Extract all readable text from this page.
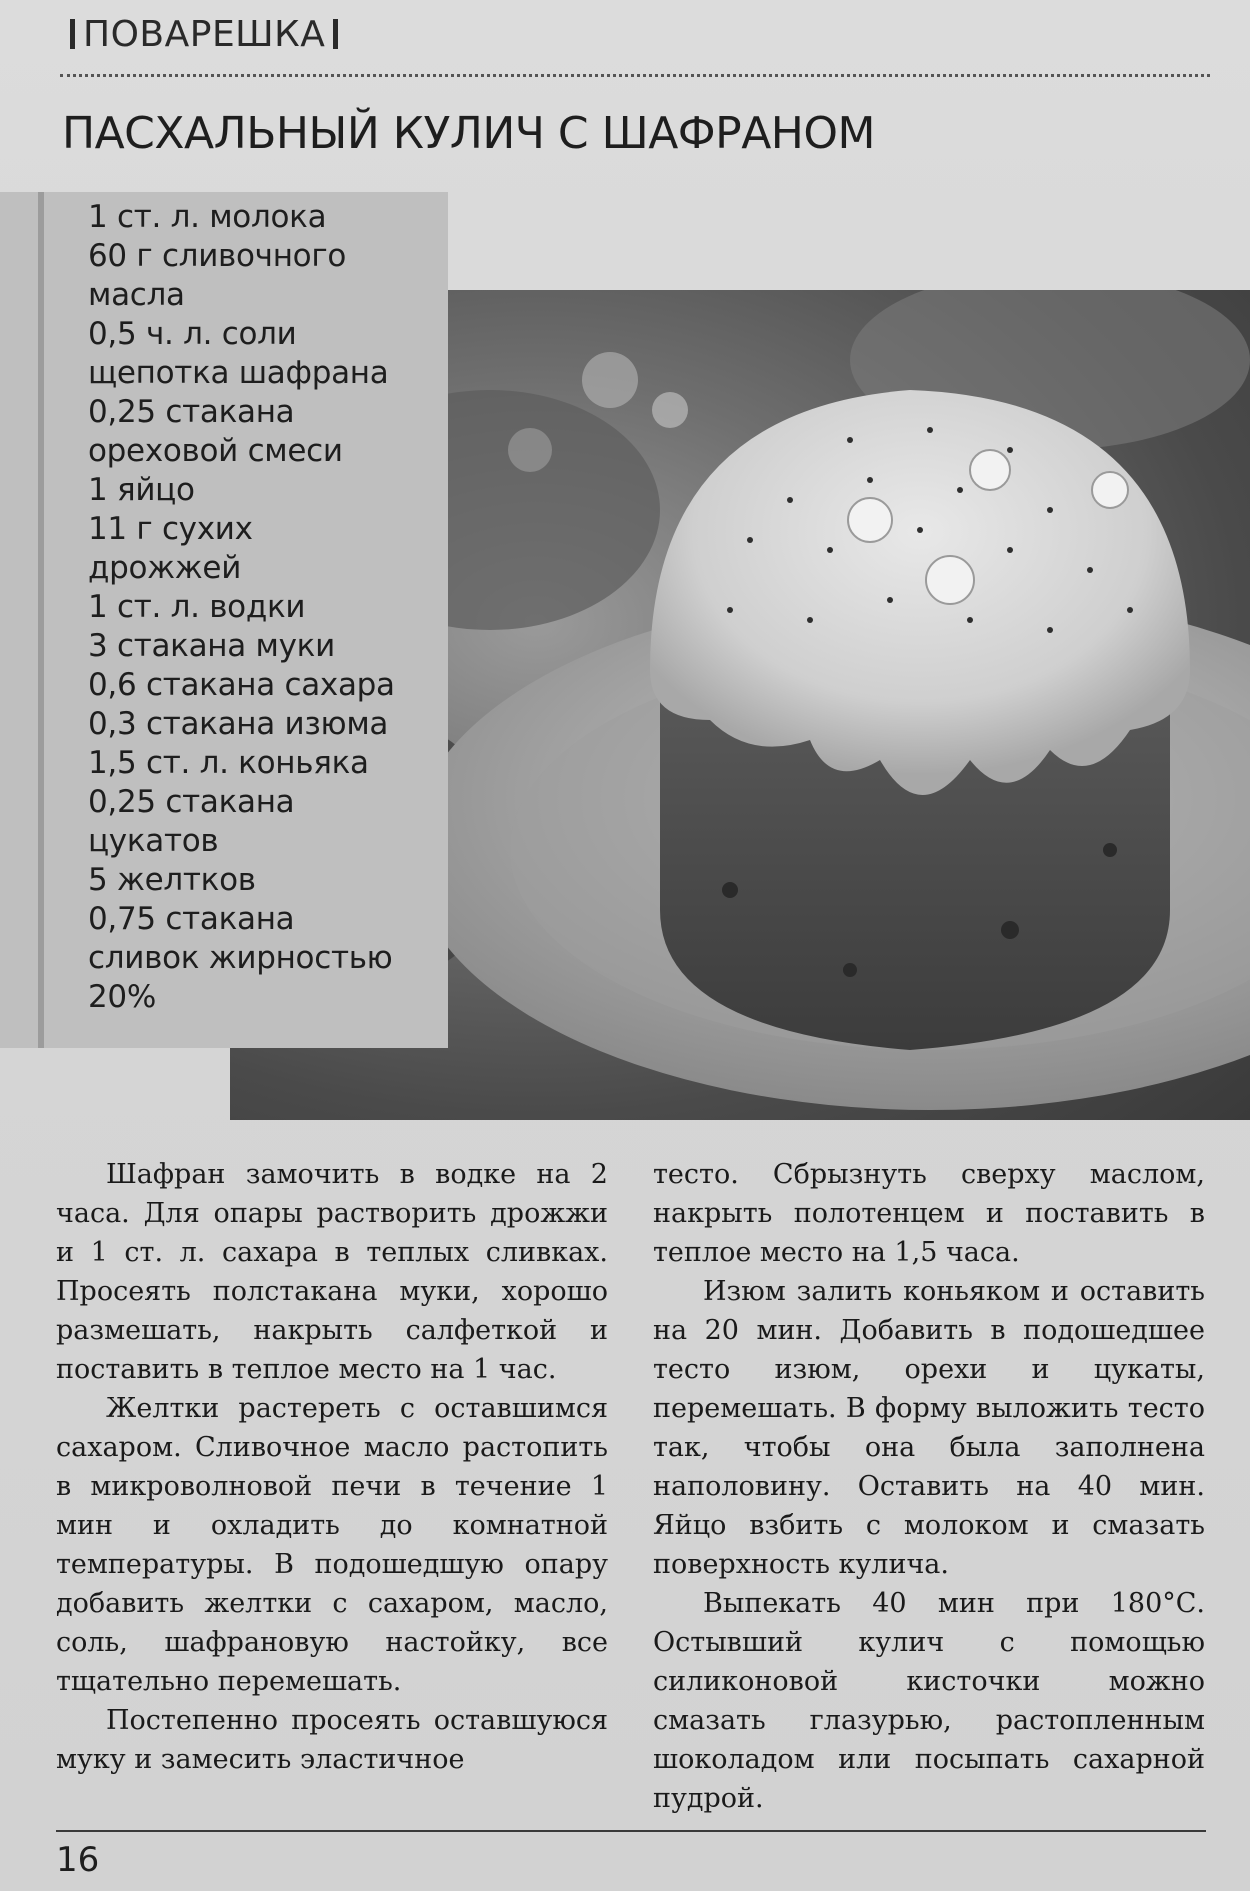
ПОВАРЕШКА
ПАСХАЛЬНЫЙ КУЛИЧ С ШАФРАНОМ
1 ст. л. молока
60 г сливочного
масла
0,5 ч. л. соли
щепотка шафрана
0,25 стакана
ореховой смеси
1 яйцо
11 г сухих
дрожжей
1 ст. л. водки
3 стакана муки
0,6 стакана сахара
0,3 стакана изюма
1,5 ст. л. коньяка
0,25 стакана
цукатов
5 желтков
0,75 стакана
сливок жирностью
20%

Шафран замочить в водке на 2 часа. Для опары растворить дрожжи и 1 ст. л. сахара в теплых сливках. Просеять полстакана муки, хорошо размешать, накрыть салфеткой и поставить в теплое место на 1 час.

Желтки растереть с оставшимся сахаром. Сливочное масло растопить в микроволновой печи в течение 1 мин и охладить до комнатной температуры. В подошедшую опару добавить желтки с сахаром, масло, соль, шафрановую настойку, все тщательно перемешать.

Постепенно просеять оставшуюся муку и замесить эластичное

тесто. Сбрызнуть сверху маслом, накрыть полотенцем и поставить в теплое место на 1,5 часа.

Изюм залить коньяком и оставить на 20 мин. Добавить в подошедшее тесто изюм, орехи и цукаты, перемешать. В форму выложить тесто так, чтобы она была заполнена наполовину. Оставить на 40 мин. Яйцо взбить с молоком и смазать поверхность кулича.

Выпекать 40 мин при 180°С. Остывший кулич с помощью силиконовой кисточки можно смазать глазурью, растопленным шоколадом или посыпать сахарной пудрой.

16
